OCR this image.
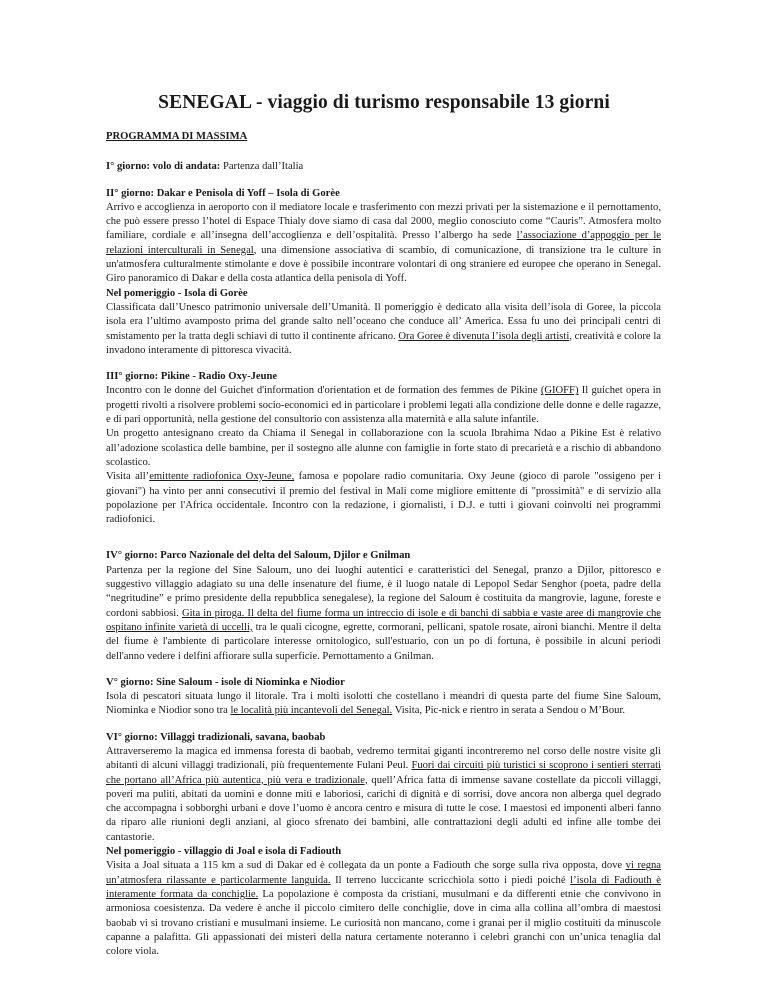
SENEGAL - viaggio di turismo responsabile 13 giorni
PROGRAMMA DI MASSIMA
I° giorno: volo di andata: Partenza dall’Italia
II° giorno: Dakar e Penisola di Yoff – Isola di Gorèe

Arrivo e accoglienza in aeroporto con il mediatore locale e trasferimento con mezzi privati per la sistemazione e il pernottamento, che può essere presso l’hotel di Espace Thialy dove siamo di casa dal 2000, meglio conosciuto come “Cauris”. Atmosfera molto familiare, cordiale e all’insegna dell’accoglienza e dell’ospitalità. Presso l’albergo ha sede l’associazione d’appoggio per le relazioni interculturali in Senegal, una dimensione associativa di scambio, di comunicazione, di transizione tra le culture in un'atmosfera culturalmente stimolante e dove è possibile incontrare volontari di ong straniere ed europee che operano in Senegal. Giro panoramico di Dakar e della costa atlantica della penisola di Yoff.

Nel pomeriggio - Isola di Gorèe

Classificata dall’Unesco patrimonio universale dell’Umanità. Il pomeriggio è dedicato alla visita dell’isola di Goree, la piccola isola era l’ultimo avamposto prima del grande salto nell’oceano che conduce all’ America. Essa fu uno dei principali centri di smistamento per la tratta degli schiavi di tutto il continente africano. Ora Goree è divenuta l’isola degli artisti, creatività e colore la invadono interamente di pittoresca vivacità.

III° giorno: Pikine - Radio Oxy-Jeune

Incontro con le donne del Guichet d'information d'orientation et de formation des femmes de Pikine (GIOFF) Il guichet opera in progetti rivolti a risolvere problemi socio-economici ed in particolare i problemi legati alla condizione delle donne e delle ragazze, e di pari opportunità, nella gestione del consultorio con assistenza alla maternità e alla salute infantile.

Un progetto antesignano creato da Chiama il Senegal in collaborazione con la scuola Ibrahima Ndao a Pikine Est è relativo all’adozione scolastica delle bambine, per il sostegno alle alunne con famiglie in forte stato di precarietà e a rischio di abbandono scolastico.

Visita all’emittente radiofonica Oxy-Jeune, famosa e popolare radio comunitaria. Oxy Jeune (gioco di parole "ossigeno per i giovani") ha vinto per anni consecutivi il premio del festival in Mali come migliore emittente di "prossimità" e di servizio alla popolazione per l'Africa occidentale. Incontro con la redazione, i giornalisti, i D.J. e tutti i giovani coinvolti nei programmi radiofonici.

IV° giorno: Parco Nazionale del delta del Saloum, Djilor e Gnilman

Partenza per la regione del Sine Saloum, uno dei luoghi autentici e caratteristici del Senegal, pranzo a Djilor, pittoresco e suggestivo villaggio adagiato su una delle insenature del fiume, è il luogo natale di Lepopol Sedar Senghor (poeta, padre della “negritudine” e primo presidente della repubblica senegalese), la regione del Saloum è costituita da mangrovie, lagune, foreste e cordoni sabbiosi. Gita in piroga. Il delta del fiume forma un intreccio di isole e di banchi di sabbia e vaste aree di mangrovie che ospitano infinite varietà di uccelli, tra le quali cicogne, egrette, cormorani, pellicani, spatole rosate, aironi bianchi. Mentre il delta del fiume è l'ambiente di particolare interesse ornitologico, sull'estuario, con un po di fortuna, è possibile in alcuni periodi dell'anno vedere i delfini affiorare sulla superficie. Pernottamento a Gnilman.

V° giorno: Sine Saloum - isole di Niominka e Niodior

Isola di pescatori situata lungo il litorale. Tra i molti isolotti che costellano i meandri di questa parte del fiume Sine Saloum, Niominka e Niodior sono tra le località più incantevoli del Senegal. Visita, Pic-nick e rientro in serata a Sendou o M’Bour.

VI° giorno: Villaggi tradizionali, savana, baobab

Attraverseremo la magica ed immensa foresta di baobab, vedremo termitai giganti incontreremo nel corso delle nostre visite gli abitanti di alcuni villaggi tradizionali, più frequentemente Fulani Peul. Fuori dai circuiti più turistici si scoprono i sentieri sterrati che portano all’Africa più autentica, più vera e tradizionale, quell’Africa fatta di immense savane costellate da piccoli villaggi, poveri ma puliti, abitati da uomini e donne miti e laboriosi, carichi di dignità e di sorrisi, dove ancora non alberga quel degrado che accompagna i sobborghi urbani e dove l’uomo è ancora centro e misura di tutte le cose. I maestosi ed imponenti alberi fanno da riparo alle riunioni degli anziani, al gioco sfrenato dei bambini, alle contrattazioni degli adulti ed infine alle tombe dei cantastorie.

Nel pomeriggio - villaggio di Joal e isola di Fadiouth

Visita a Joal situata a 115 km a sud di Dakar ed è collegata da un ponte a Fadiouth che sorge sulla riva opposta, dove vi regna un’atmosfera rilassante e particolarmente languida. Il terreno luccicante scricchiola sotto i piedi poiché l’isola di Fadiouth è interamente formata da conchiglie. La popolazione è composta da cristiani, musulmani e da differenti etnie che convivono in armoniosa coesistenza. Da vedere è anche il piccolo cimitero delle conchiglie, dove in cima alla collina all’ombra di maestosi baobab vi si trovano cristiani e musulmani insieme. Le curiosità non mancano, come i granai per il miglio costituiti da minuscole capanne a palafitta. Gli appassionati dei misteri della natura certamente noteranno i celebri granchi con un’unica tenaglia dal colore viola.
